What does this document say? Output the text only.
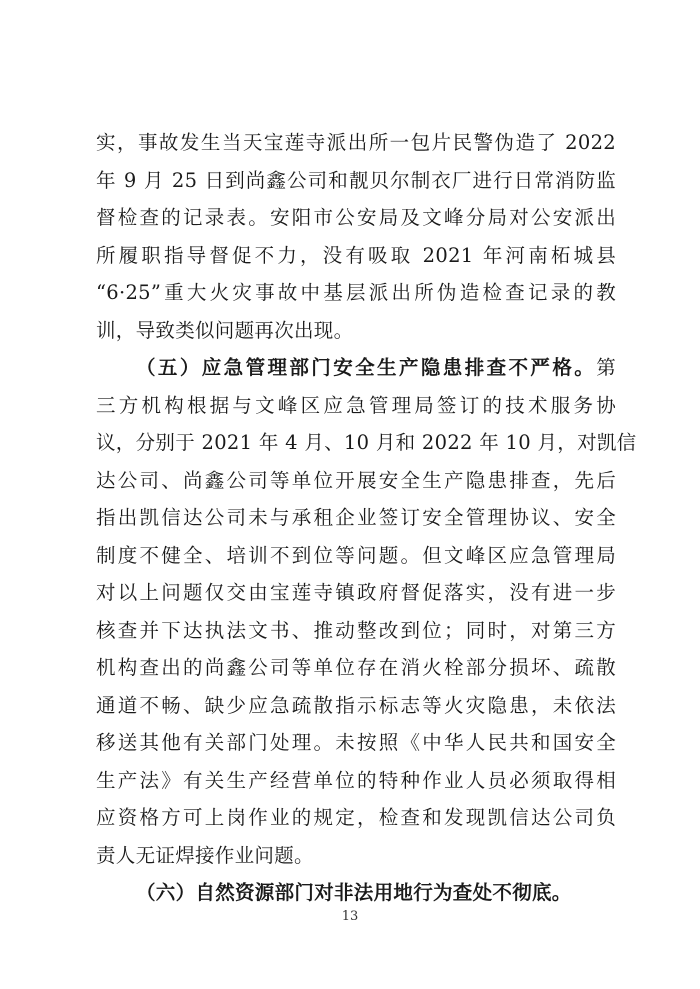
实，事故发生当天宝莲寺派出所一包片民警伪造了 2022
年 9 月 25 日到尚鑫公司和靓贝尔制衣厂进行日常消防监
督检查的记录表。安阳市公安局及文峰分局对公安派出
所履职指导督促不力，没有吸取 2021 年河南柘城县
“6·25”重大火灾事故中基层派出所伪造检查记录的教
训，导致类似问题再次出现。
（五）应急管理部门安全生产隐患排查不严格。第
三方机构根据与文峰区应急管理局签订的技术服务协
议，分别于 2021 年 4 月、10 月和 2022 年 10 月，对凯信
达公司、尚鑫公司等单位开展安全生产隐患排查，先后
指出凯信达公司未与承租企业签订安全管理协议、安全
制度不健全、培训不到位等问题。但文峰区应急管理局
对以上问题仅交由宝莲寺镇政府督促落实，没有进一步
核查并下达执法文书、推动整改到位；同时，对第三方
机构查出的尚鑫公司等单位存在消火栓部分损坏、疏散
通道不畅、缺少应急疏散指示标志等火灾隐患，未依法
移送其他有关部门处理。未按照《中华人民共和国安全
生产法》有关生产经营单位的特种作业人员必须取得相
应资格方可上岗作业的规定，检查和发现凯信达公司负
责人无证焊接作业问题。
（六）自然资源部门对非法用地行为查处不彻底。
13
